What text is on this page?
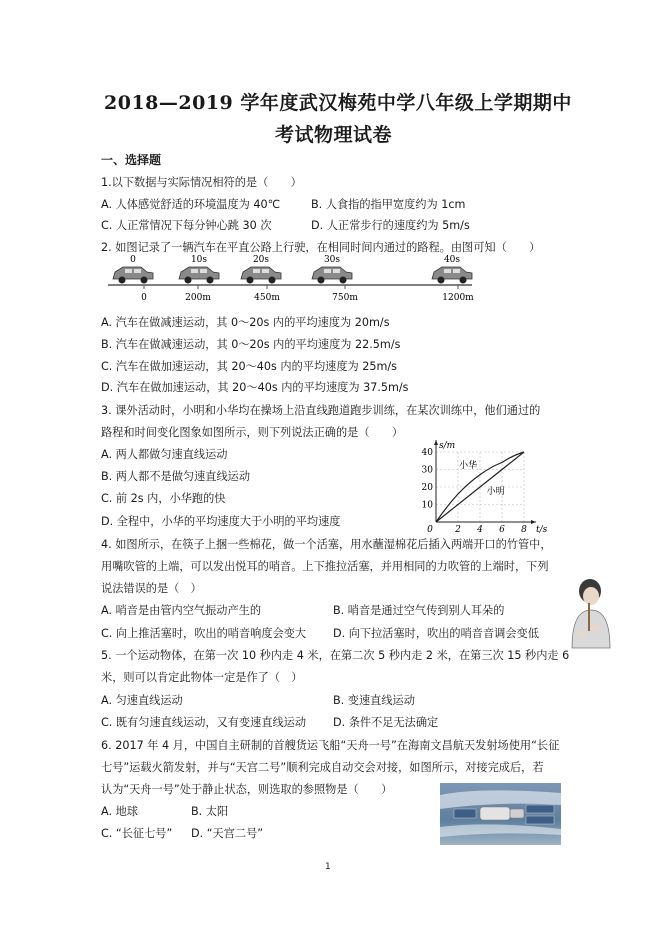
2018—2019 学年度武汉梅苑中学八年级上学期期中
考试物理试卷
一、选择题
1.以下数据与实际情况相符的是（　　）
A. 人体感觉舒适的环境温度为 40℃	B. 人食指的指甲宽度约为 1cm
C. 人正常情况下每分钟心跳 30 次	D. 人正常步行的速度约为 5m/s
2. 如图记录了一辆汽车在平直公路上行驶，在相同时间内通过的路程。由图可知（　　）
0
0
10s
200m
20s
450m
30s
750m
40s
1200m
A. 汽车在做减速运动，其 0～20s 内的平均速度为 20m/s
B. 汽车在做减速运动，其 0～20s 内的平均速度为 22.5m/s
C. 汽车在做加速运动，其 20～40s 内的平均速度为 25m/s
D. 汽车在做加速运动，其 20～40s 内的平均速度为 37.5m/s
3. 课外活动时，小明和小华均在操场上沿直线跑道跑步训练，在某次训练中，他们通过的
路程和时间变化图象如图所示，则下列说法正确的是（　　）
A. 两人都做匀速直线运动
B. 两人都不是做匀速直线运动
C. 前 2s 内，小华跑的快
D. 全程中，小华的平均速度大于小明的平均速度
0 2 4 6 8
10
20
30
40
t/s
s/m
小华
小明
4. 如图所示，在筷子上捆一些棉花，做一个活塞，用水蘸湿棉花后插入两端开口的竹管中，
用嘴吹管的上端，可以发出悦耳的哨音。上下推拉活塞，并用相同的力吹管的上端时，下列
说法错误的是（　）
A. 哨音是由管内空气振动产生的	B. 哨音是通过空气传到别人耳朵的
C. 向上推活塞时，吹出的哨音响度会变大 D. 向下拉活塞时，吹出的哨音音调会变低
5. 一个运动物体，在第一次 10 秒内走 4 米，在第二次 5 秒内走 2 米，在第三次 15 秒内走 6
米，则可以肯定此物体一定是作了（　）
A. 匀速直线运动	B. 变速直线运动
C. 既有匀速直线运动，又有变速直线运动 D. 条件不足无法确定
6. 2017 年 4 月，中国自主研制的首艘货运飞船“天舟一号”在海南文昌航天发射场使用“长征
七号”运载火箭发射，并与“天宫二号”顺利完成自动交会对接，如图所示，对接完成后，若
认为“天舟一号”处于静止状态，则选取的参照物是（　　）
A. 地球	B. 太阳
C. “长征七号” D. “天宫二号”
1
